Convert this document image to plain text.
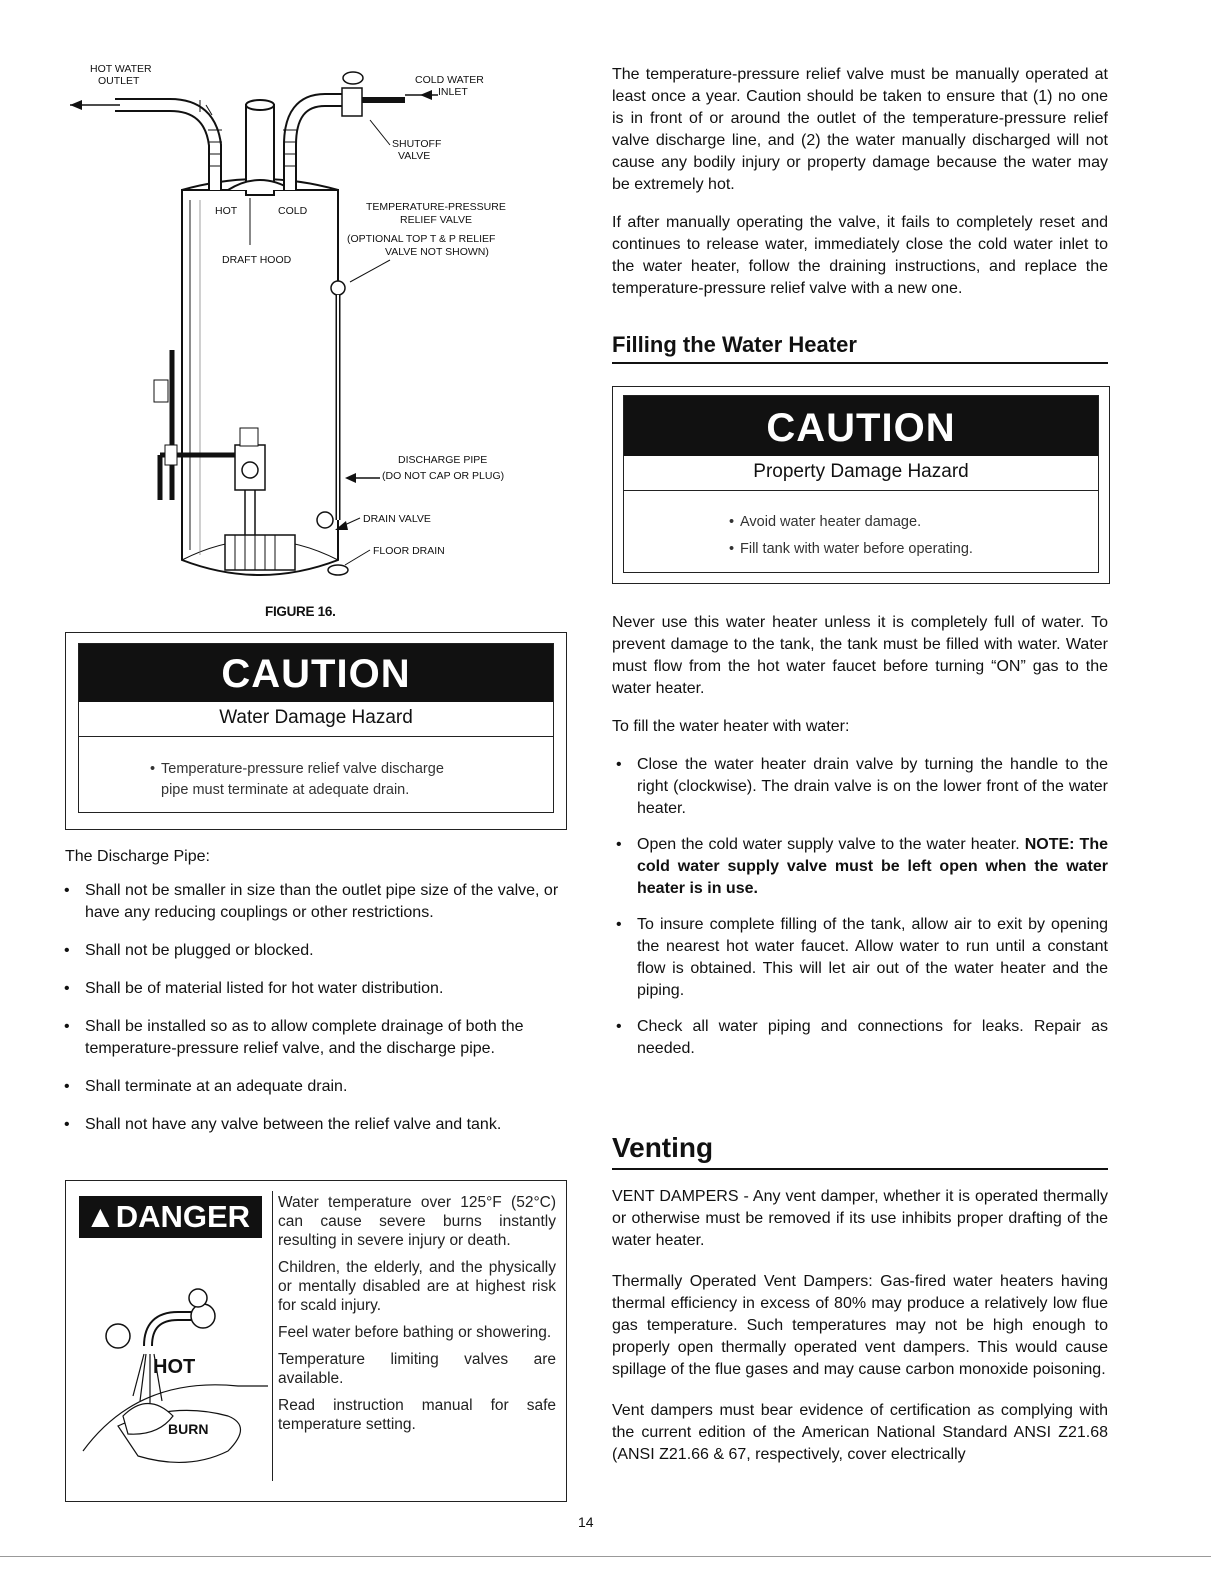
HOT WATER
OUTLET	COLD WATER
INLET
SHUTOFF
VALVE
TEMPERATURE-PRESSURE
RELIEF VALVE
(OPTIONAL TOP T & P RELIEF
VALVE NOT SHOWN)
HOT	COLD
DRAFT HOOD
DISCHARGE PIPE
(DO NOT CAP OR PLUG)
DRAIN VALVE
FLOOR DRAIN
FIGURE 16.
CAUTION
Water Damage Hazard
• Temperature-pressure relief valve discharge
pipe must terminate at adequate drain.

The Discharge Pipe:

• Shall not be smaller in size than the outlet pipe size of the valve, or have any reducing couplings or other restrictions.
• Shall not be plugged or blocked.
• Shall be of material listed for hot water distribution.
• Shall be installed so as to allow complete drainage of both the temperature-pressure relief valve, and the discharge pipe.
• Shall terminate at an adequate drain.
• Shall not have any valve between the relief valve and tank.
▲DANGER
HOT
BURN

Water temperature over 125°F (52°C) can cause severe burns instantly resulting in severe injury or death.

Children, the elderly, and the physically or mentally disabled are at highest risk for scald injury.

Feel water before bathing or showering.

Temperature limiting valves are available.

Read instruction manual for safe temperature setting.

The temperature-pressure relief valve must be manually operated at least once a year. Caution should be taken to ensure that (1) no one is in front of or around the outlet of the temperature-pressure relief valve discharge line, and (2) the water manually discharged will not cause any bodily injury or property damage because the water may be extremely hot.

If after manually operating the valve, it fails to completely reset and continues to release water, immediately close the cold water inlet to the water heater, follow the draining instructions, and replace the temperature-pressure relief valve with a new one.

Filling the Water Heater
CAUTION
Property Damage Hazard
• Avoid water heater damage.
• Fill tank with water before operating.

Never use this water heater unless it is completely full of water. To prevent damage to the tank, the tank must be filled with water. Water must flow from the hot water faucet before turning “ON” gas to the water heater.

To fill the water heater with water:

• Close the water heater drain valve by turning the handle to the right (clockwise). The drain valve is on the lower front of the water heater.
• Open the cold water supply valve to the water heater. NOTE: The cold water supply valve must be left open when the water heater is in use.
• To insure complete filling of the tank, allow air to exit by opening the nearest hot water faucet. Allow water to run until a constant flow is obtained. This will let air out of the water heater and the piping.
• Check all water piping and connections for leaks. Repair as needed.
Venting

VENT DAMPERS - Any vent damper, whether it is operated thermally or otherwise must be removed if its use inhibits proper drafting of the water heater.

Thermally Operated Vent Dampers: Gas-fired water heaters having thermal efficiency in excess of 80% may produce a relatively low flue gas temperature. Such temperatures may not be high enough to properly open thermally operated vent dampers. This would cause spillage of the flue gases and may cause carbon monoxide poisoning.

Vent dampers must bear evidence of certification as complying with the current edition of the American National Standard ANSI Z21.68 (ANSI Z21.66 & 67, respectively, cover electrically

14
